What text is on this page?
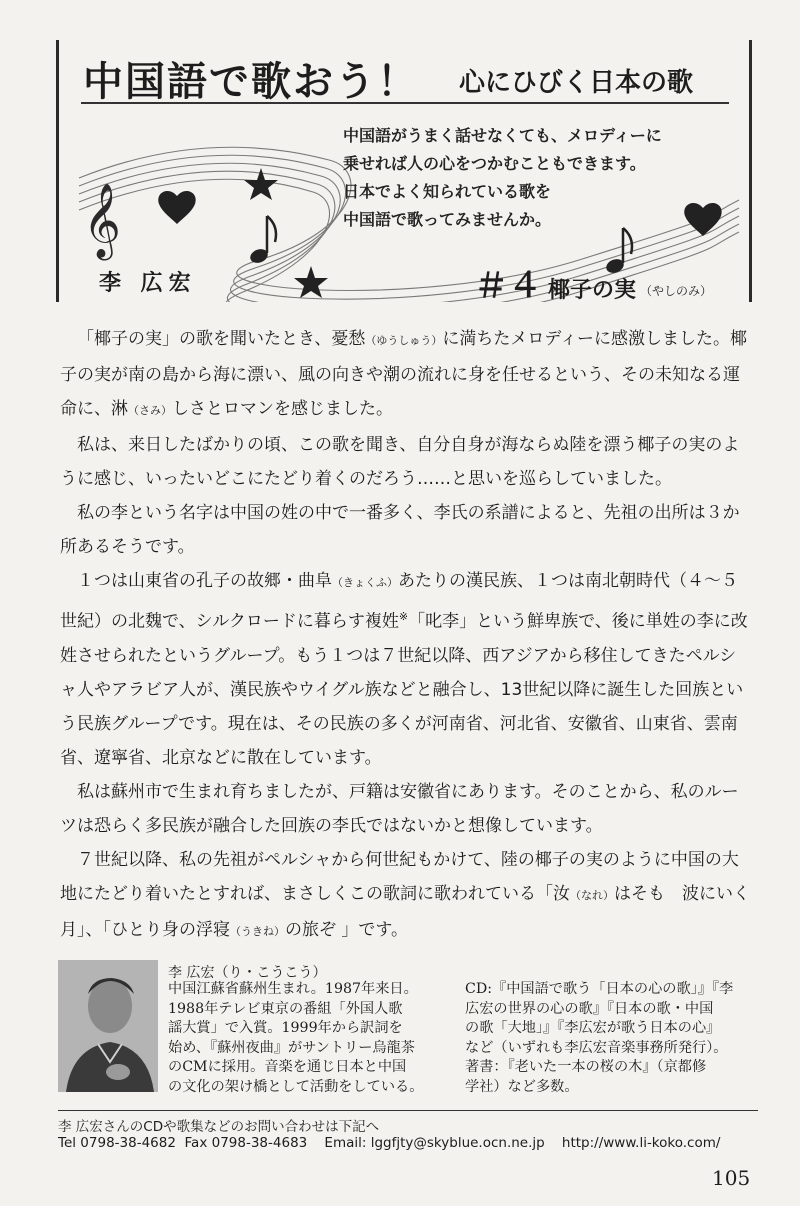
中国語で歌おう！ 心にひびく日本の歌
𝄞
中国語がうまく話せなくても、メロディーに
乗せれば人の心をつかむこともできます。
日本でよく知られている歌を
中国語で歌ってみませんか。
李 広宏	＃４ 椰子の実 （やしのみ）

「椰子の実」の歌を聞いたとき、憂愁（ゆうしゅう）に満ちたメロディーに感激しました。椰子の実が南の島から海に漂い、風の向きや潮の流れに身を任せるという、その未知なる運命に、淋（さみ）しさとロマンを感じました。

私は、来日したばかりの頃、この歌を聞き、自分自身が海ならぬ陸を漂う椰子の実のように感じ、いったいどこにたどり着くのだろう……と思いを巡らしていました。

私の李という名字は中国の姓の中で一番多く、李氏の系譜によると、先祖の出所は３か所あるそうです。

１つは山東省の孔子の故郷・曲阜（きょくふ）あたりの漢民族、１つは南北朝時代（４～５世紀）の北魏で、シルクロードに暮らす複姓※「叱李」という鮮卑族で、後に単姓の李に改姓させられたというグループ。もう１つは７世紀以降、西アジアから移住してきたペルシャ人やアラビア人が、漢民族やウイグル族などと融合し、13世紀以降に誕生した回族という民族グループです。現在は、その民族の多くが河南省、河北省、安徽省、山東省、雲南省、遼寧省、北京などに散在しています。

私は蘇州市で生まれ育ちましたが、戸籍は安徽省にあります。そのことから、私のルーツは恐らく多民族が融合した回族の李氏ではないかと想像しています。

７世紀以降、私の先祖がペルシャから何世紀もかけて、陸の椰子の実のように中国の大地にたどり着いたとすれば、まさしくこの歌詞に歌われている「汝（なれ）はそも　波にいく月」、「ひとり身の浮寝（うきね）の旅ぞ 」です。

李 広宏（り・こうこう）
中国江蘇省蘇州生まれ。1987年来日。
1988年テレビ東京の番組「外国人歌
謡大賞」で入賞。1999年から訳詞を
始め、『蘇州夜曲』がサントリー烏龍茶
のCMに採用。音楽を通じ日本と中国
の文化の架け橋として活動をしている。
CD:『中国語で歌う「日本の心の歌」』『李
広宏の世界の心の歌』『日本の歌・中国
の歌「大地」』『李広宏が歌う日本の心』
など（いずれも李広宏音楽事務所発行）。
著書：『老いた一本の桜の木』（京都修
学社）など多数。
李 広宏さんのCDや歌集などのお問い合わせは下記へ
Tel 0798-38-4682 Fax 0798-38-4683 Email: lggfjty@skyblue.ocn.ne.jp http://www.li-koko.com/
105
